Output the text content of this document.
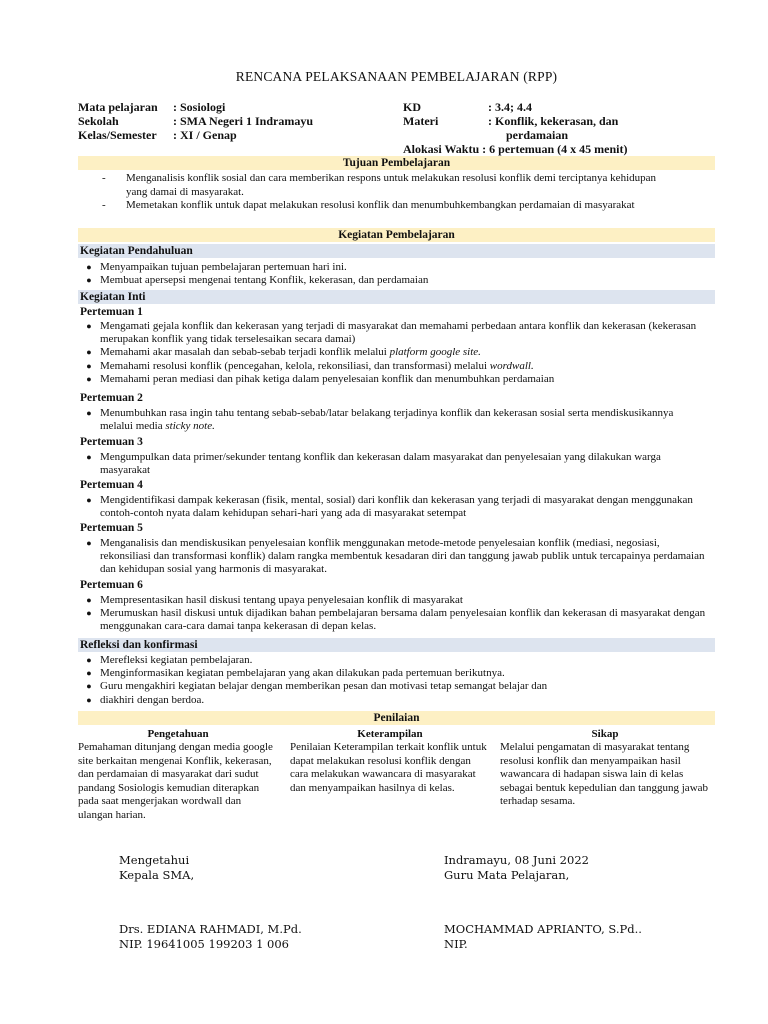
RENCANA PELAKSANAAN PEMBELAJARAN (RPP)
Mata pelajaran	: Sosiologi
Sekolah	: SMA Negeri 1 Indramayu
Kelas/Semester	: XI / Genap
KD	: 3.4; 4.4
Materi	: Konflik, kekerasan, dan
perdamaian
Alokasi Waktu : 6 pertemuan (4 x 45 menit)
Tujuan Pembelajaran
-	Menganalisis konflik sosial dan cara memberikan respons untuk melakukan resolusi konflik demi terciptanya kehidupan yang damai di masyarakat.
-	Memetakan konflik untuk dapat melakukan resolusi konflik dan menumbuhkembangkan perdamaian di masyarakat
Kegiatan Pembelajaran
Kegiatan Pendahuluan
● Menyampaikan tujuan pembelajaran pertemuan hari ini.
● Membuat apersepsi mengenai tentang Konflik, kekerasan, dan perdamaian
Kegiatan Inti
Pertemuan 1
● Mengamati gejala konflik dan kekerasan yang terjadi di masyarakat dan memahami perbedaan antara konflik dan kekerasan (kekerasan merupakan konflik yang tidak terselesaikan secara damai)
● Memahami akar masalah dan sebab-sebab terjadi konflik melalui platform google site.
● Memahami resolusi konflik (pencegahan, kelola, rekonsiliasi, dan transformasi) melalui wordwall.
● Memahami peran mediasi dan pihak ketiga dalam penyelesaian konflik dan menumbuhkan perdamaian
Pertemuan 2
● Menumbuhkan rasa ingin tahu tentang sebab-sebab/latar belakang terjadinya konflik dan kekerasan sosial serta mendiskusikannya melalui media sticky note.
Pertemuan 3
● Mengumpulkan data primer/sekunder tentang konflik dan kekerasan dalam masyarakat dan penyelesaian yang dilakukan warga masyarakat
Pertemuan 4
● Mengidentifikasi dampak kekerasan (fisik, mental, sosial) dari konflik dan kekerasan yang terjadi di masyarakat dengan menggunakan contoh-contoh nyata dalam kehidupan sehari-hari yang ada di masyarakat setempat
Pertemuan 5
● Menganalisis dan mendiskusikan penyelesaian konflik menggunakan metode-metode penyelesaian konflik (mediasi, negosiasi, rekonsiliasi dan transformasi konflik) dalam rangka membentuk kesadaran diri dan tanggung jawab publik untuk tercapainya perdamaian dan kehidupan sosial yang harmonis di masyarakat.
Pertemuan 6
● Mempresentasikan hasil diskusi tentang upaya penyelesaian konflik di masyarakat
● Merumuskan hasil diskusi untuk dijadikan bahan pembelajaran bersama dalam penyelesaian konflik dan kekerasan di masyarakat dengan menggunakan cara-cara damai tanpa kekerasan di depan kelas.
Refleksi dan konfirmasi
● Merefleksi kegiatan pembelajaran.
● Menginformasikan kegiatan pembelajaran yang akan dilakukan pada pertemuan berikutnya.
● Guru mengakhiri kegiatan belajar dengan memberikan pesan dan motivasi tetap semangat belajar dan
● diakhiri dengan berdoa.
Penilaian
Pengetahuan
Pemahaman ditunjang dengan media google site berkaitan mengenai Konflik, kekerasan, dan perdamaian di masyarakat dari sudut pandang Sosiologis kemudian diterapkan pada saat mengerjakan wordwall dan ulangan harian.
Keterampilan
Penilaian Keterampilan terkait konflik untuk dapat melakukan resolusi konflik dengan cara melakukan wawancara di masyarakat dan menyampaikan hasilnya di kelas.
Sikap
Melalui pengamatan di masyarakat tentang resolusi konflik dan menyampaikan hasil wawancara di hadapan siswa lain di kelas sebagai bentuk kepedulian dan tanggung jawab terhadap sesama.
Mengetahui
Kepala SMA,
Indramayu, 08 Juni 2022
Guru Mata Pelajaran,
Drs. EDIANA RAHMADI, M.Pd.
NIP. 19641005 199203 1 006
MOCHAMMAD APRIANTO, S.Pd..
NIP.
